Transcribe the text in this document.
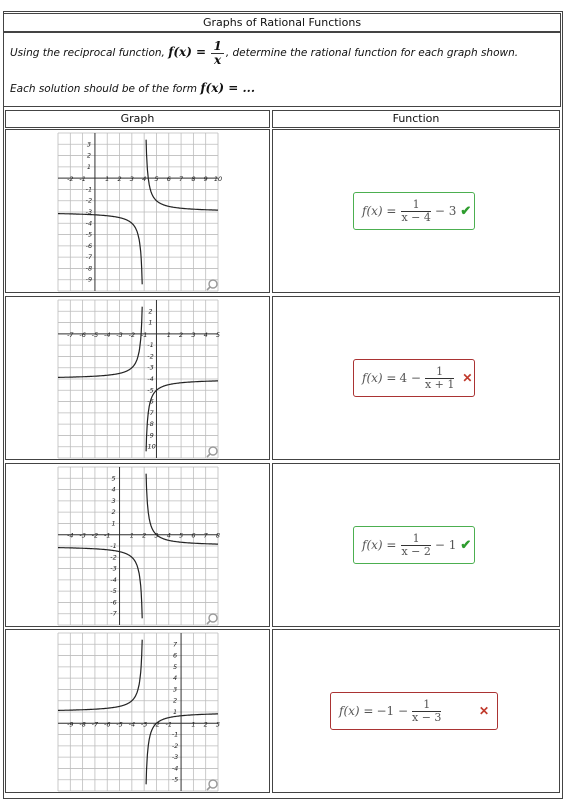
Graphs of Rational Functions
Using the reciprocal function, $f(x) = \frac{1}{x}$ , determine the rational function for each graph shown.
Each solution should be of the form f(x) = ...
Graph	Function
-2 -1	1 2 3 4 5 6 7 8 9 10
3
2
1
-1
-2
-3
-4
-5
-6
-7
-8
-9
$f(x) = \frac{1}{x - 4} - 3$ ✔
-7 -6 -5 -4 -3 -2 -1	1 2 3 4 5
2
1
-1
-2
-3
-4
-5
-6
-7
-8
-9
-10
$f(x) = 4 - \frac{1}{x + 1}$ ✕
-4 -3 -2 -1	1 2 3 4 5 6 7 8
5
4
3
2
1
-1
-2
-3
-4
-5
-6
-7
$f(x) = \frac{1}{x - 2} - 1$ ✔
-9 -8 -7 -6 -5 -4 -3 -2 -1	1 2 3
7
6
5
4
3
2
1
-1
-2
-3
-4
-5
$f(x) = -1 - \frac{1}{x - 3}$	✕
